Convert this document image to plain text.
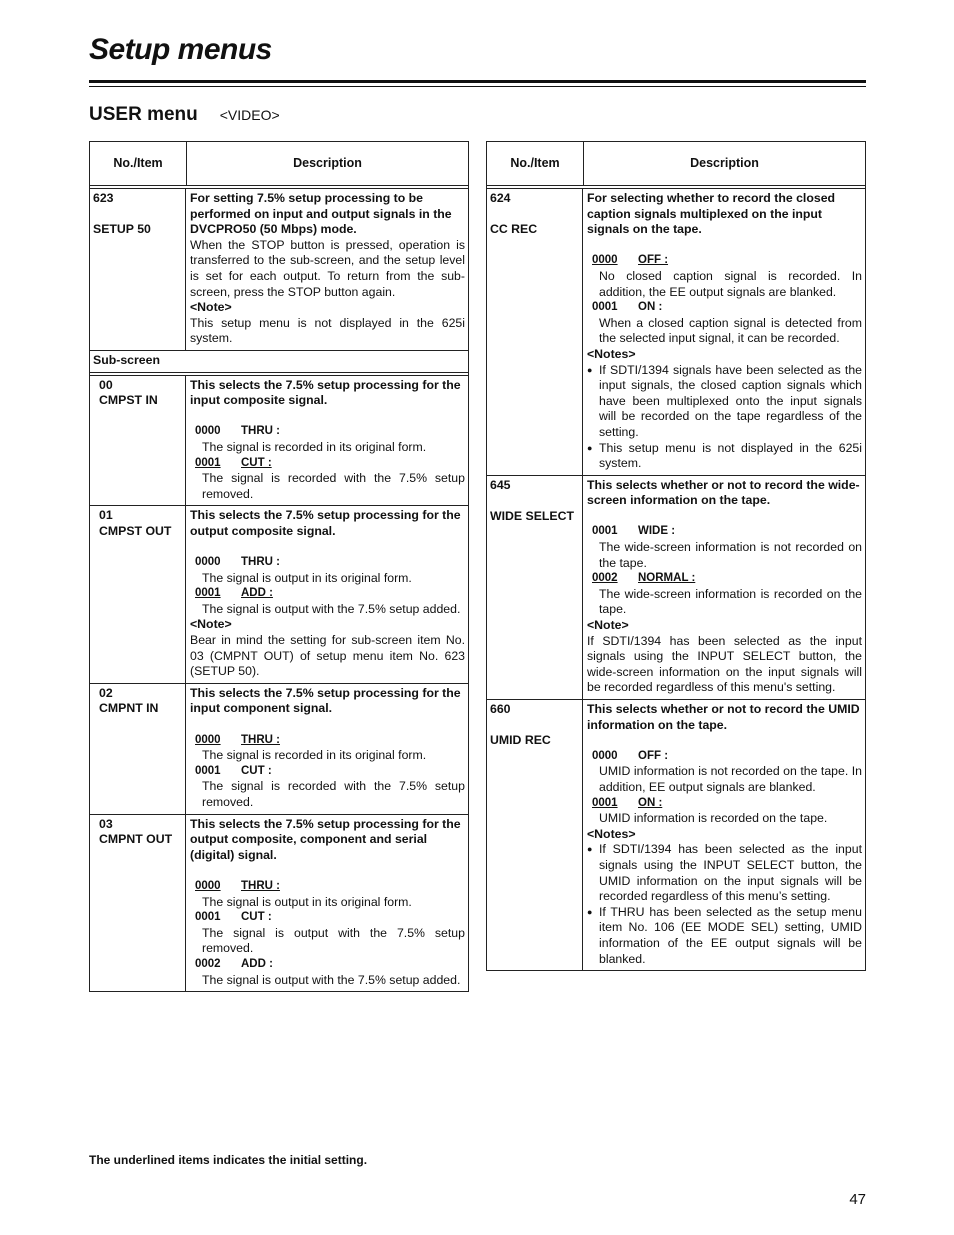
Setup menus
USER menu <VIDEO>
No./Item	Description
623
SETUP 50
For setting 7.5% setup processing to be performed on input and output signals in the DVCPRO50 (50 Mbps) mode.
When the STOP button is pressed, operation is transferred to the sub-screen, and the setup level is set for each output. To return from the sub-screen, press the STOP button again.
<Note>
This setup menu is not displayed in the 625i system.
Sub-screen
00
CMPST IN
This selects the 7.5% setup processing for the input composite signal.
0000 THRU :
The signal is recorded in its original form.
0001 CUT :
The signal is recorded with the 7.5% setup removed.
01
CMPST OUT
This selects the 7.5% setup processing for the output composite signal.
0000 THRU :
The signal is output in its original form.
0001 ADD :
The signal is output with the 7.5% setup added.
<Note>
Bear in mind the setting for sub-screen item No. 03 (CMPNT OUT) of setup menu item No. 623 (SETUP 50).
02
CMPNT IN
This selects the 7.5% setup processing for the input component signal.
0000 THRU :
The signal is recorded in its original form.
0001 CUT :
The signal is recorded with the 7.5% setup removed.
03
CMPNT OUT
This selects the 7.5% setup processing for the output composite, component and serial (digital) signal.
0000 THRU :
The signal is output in its original form.
0001 CUT :
The signal is output with the 7.5% setup removed.
0002 ADD :
The signal is output with the 7.5% setup added.
No./Item	Description
624
CC REC
For selecting whether to record the closed caption signals multiplexed on the input signals on the tape.
0000 OFF :
No closed caption signal is recorded. In addition, the EE output signals are blanked.
0001 ON :
When a closed caption signal is detected from the selected input signal, it can be recorded.
<Notes>
● If SDTI/1394 signals have been selected as the input signals, the closed caption signals which have been multiplexed onto the input signals will be recorded on the tape regardless of the setting.
● This setup menu is not displayed in the 625i system.
645
WIDE SELECT
This selects whether or not to record the wide-screen information on the tape.
0001 WIDE :
The wide-screen information is not recorded on the tape.
0002 NORMAL :
The wide-screen information is recorded on the tape.
<Note>
If SDTI/1394 has been selected as the input signals using the INPUT SELECT button, the wide-screen information on the input signals will be recorded regardless of this menu's setting.
660
UMID REC
This selects whether or not to record the UMID information on the tape.
0000 OFF :
UMID information is not recorded on the tape. In addition, EE output signals are blanked.
0001 ON :
UMID information is recorded on the tape.
<Notes>
● If SDTI/1394 has been selected as the input signals using the INPUT SELECT button, the UMID information on the input signals will be recorded regardless of this menu’s setting.
● If THRU has been selected as the setup menu item No. 106 (EE MODE SEL) setting, UMID information of the EE output signals will be blanked.
The underlined items indicates the initial setting.
47
